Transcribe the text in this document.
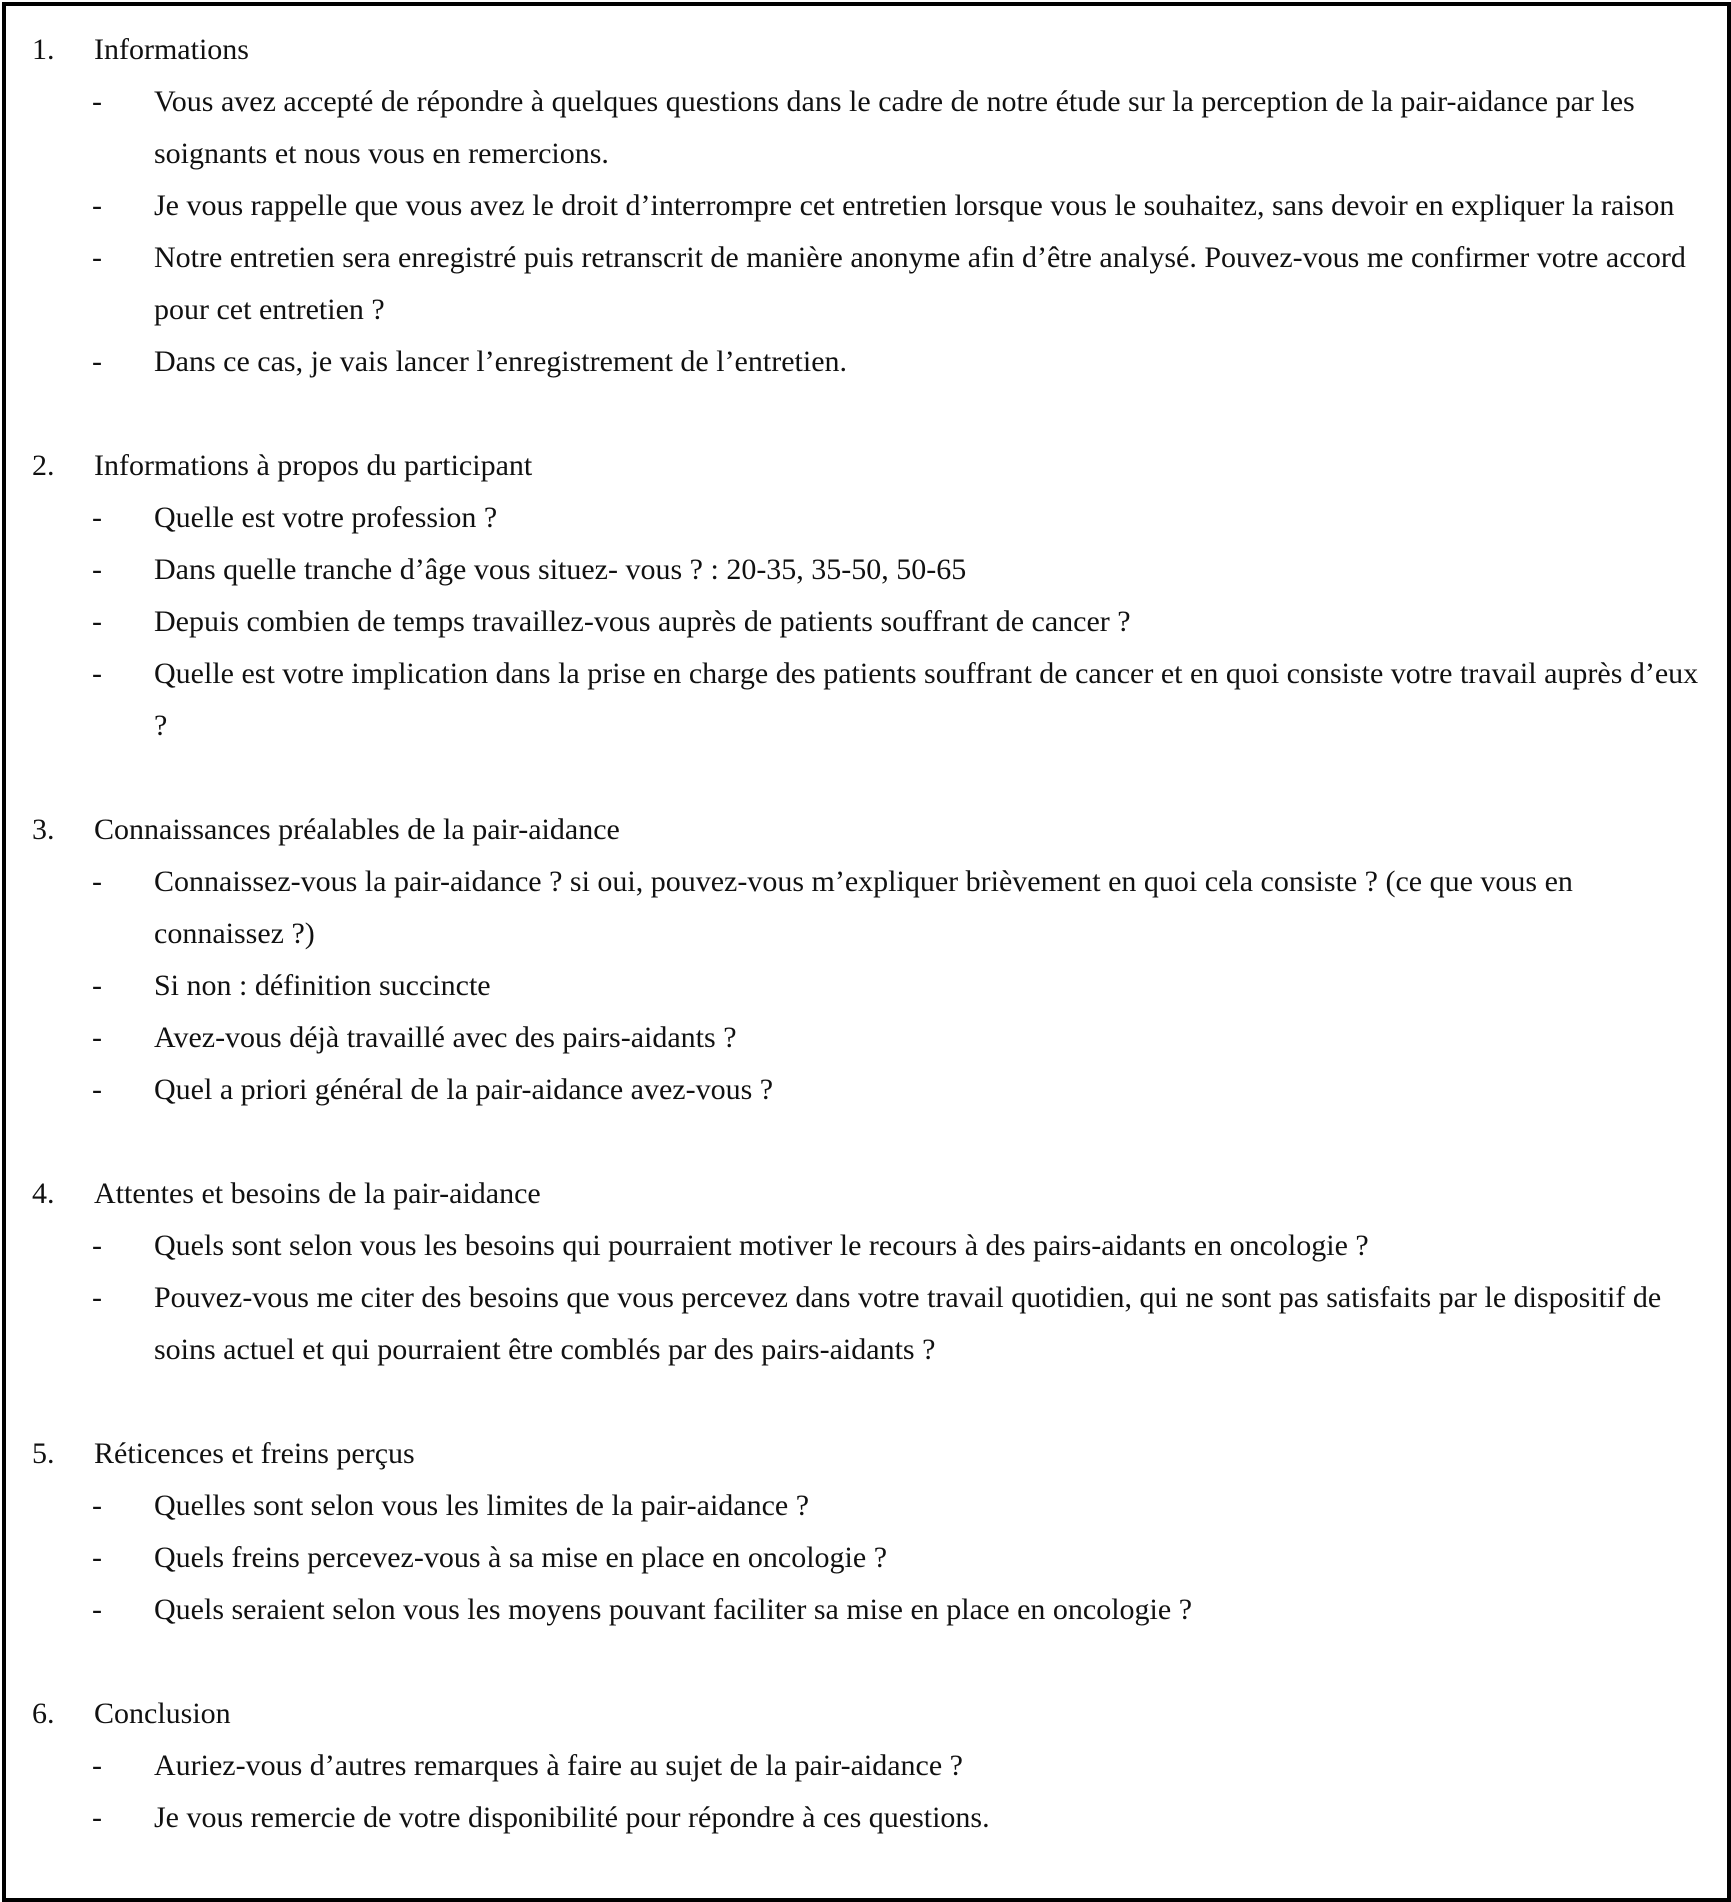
1. Informations
- Vous avez accepté de répondre à quelques questions dans le cadre de notre étude sur la perception de la pair-aidance par les soignants et nous vous en remercions.
- Je vous rappelle que vous avez le droit d’interrompre cet entretien lorsque vous le souhaitez, sans devoir en expliquer la raison
- Notre entretien sera enregistré puis retranscrit de manière anonyme afin d’être analysé. Pouvez-vous me confirmer votre accord pour cet entretien ?
- Dans ce cas, je vais lancer l’enregistrement de l’entretien.
2. Informations à propos du participant
- Quelle est votre profession ?
- Dans quelle tranche d’âge vous situez- vous ? : 20-35, 35-50, 50-65
- Depuis combien de temps travaillez-vous auprès de patients souffrant de cancer ?
- Quelle est votre implication dans la prise en charge des patients souffrant de cancer et en quoi consiste votre travail auprès d’eux ?
3. Connaissances préalables de la pair-aidance
- Connaissez-vous la pair-aidance ? si oui, pouvez-vous m’expliquer brièvement en quoi cela consiste ? (ce que vous en connaissez ?)
- Si non : définition succincte
- Avez-vous déjà travaillé avec des pairs-aidants ?
- Quel a priori général de la pair-aidance avez-vous ?
4. Attentes et besoins de la pair-aidance
- Quels sont selon vous les besoins qui pourraient motiver le recours à des pairs-aidants en oncologie ?
- Pouvez-vous me citer des besoins que vous percevez dans votre travail quotidien, qui ne sont pas satisfaits par le dispositif de soins actuel et qui pourraient être comblés par des pairs-aidants ?
5. Réticences et freins perçus
- Quelles sont selon vous les limites de la pair-aidance ?
- Quels freins percevez-vous à sa mise en place en oncologie ?
- Quels seraient selon vous les moyens pouvant faciliter sa mise en place en oncologie ?
6. Conclusion
- Auriez-vous d’autres remarques à faire au sujet de la pair-aidance ?
- Je vous remercie de votre disponibilité pour répondre à ces questions.
